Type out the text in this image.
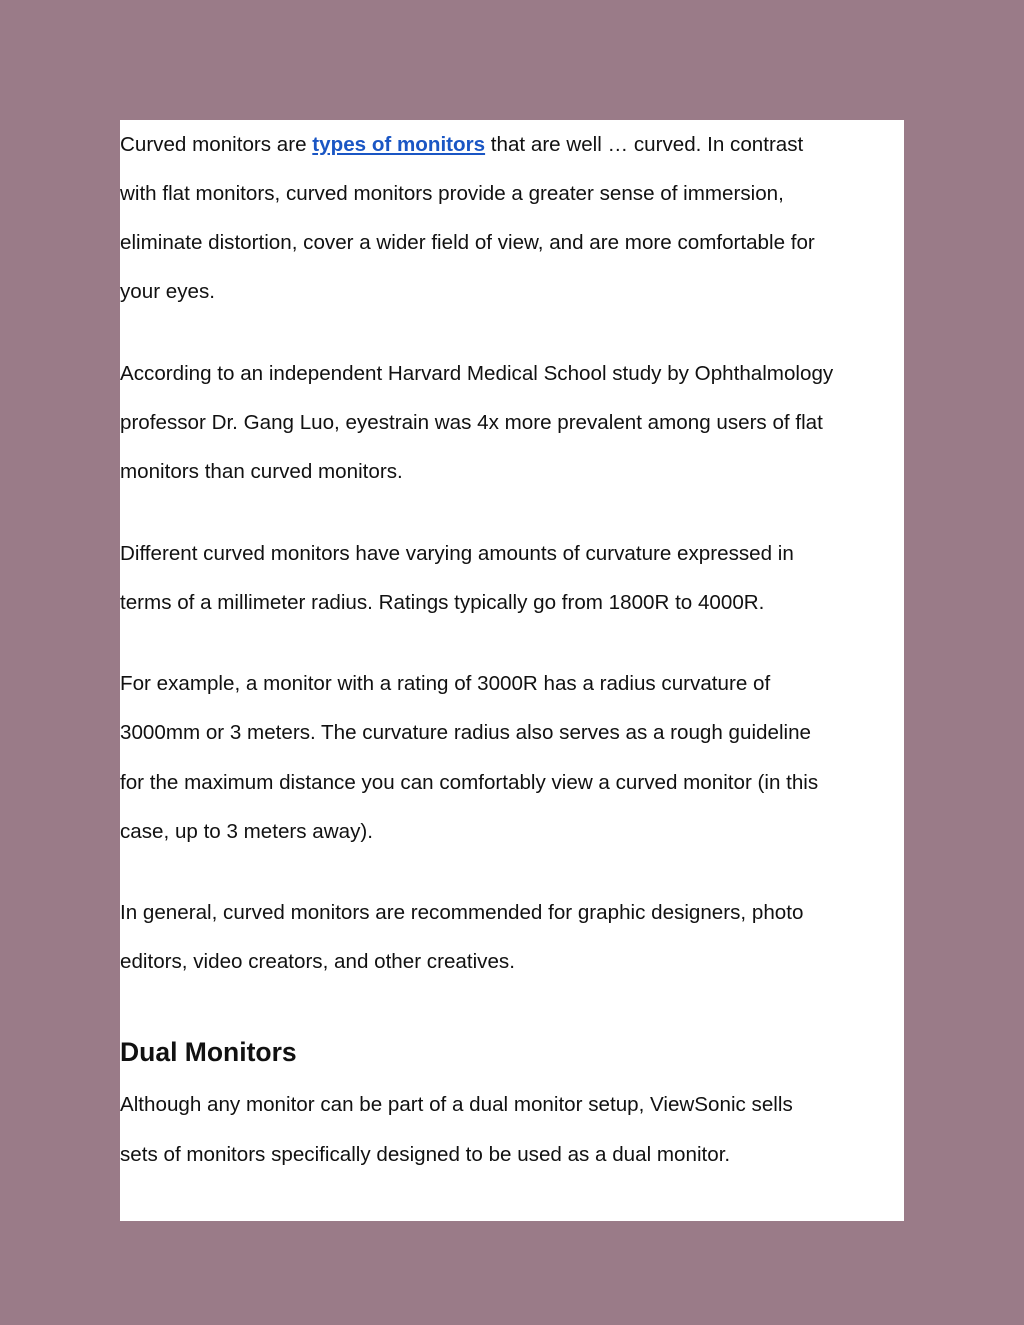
Curved monitors are types of monitors that are well … curved. In contrast
with flat monitors, curved monitors provide a greater sense of immersion,
eliminate distortion, cover a wider field of view, and are more comfortable for
your eyes.

According to an independent Harvard Medical School study by Ophthalmology
professor Dr. Gang Luo, eyestrain was 4x more prevalent among users of flat
monitors than curved monitors.

Different curved monitors have varying amounts of curvature expressed in
terms of a millimeter radius. Ratings typically go from 1800R to 4000R.

For example, a monitor with a rating of 3000R has a radius curvature of
3000mm or 3 meters. The curvature radius also serves as a rough guideline
for the maximum distance you can comfortably view a curved monitor (in this
case, up to 3 meters away).

In general, curved monitors are recommended for graphic designers, photo
editors, video creators, and other creatives.

Dual Monitors

Although any monitor can be part of a dual monitor setup, ViewSonic sells
sets of monitors specifically designed to be used as a dual monitor.
